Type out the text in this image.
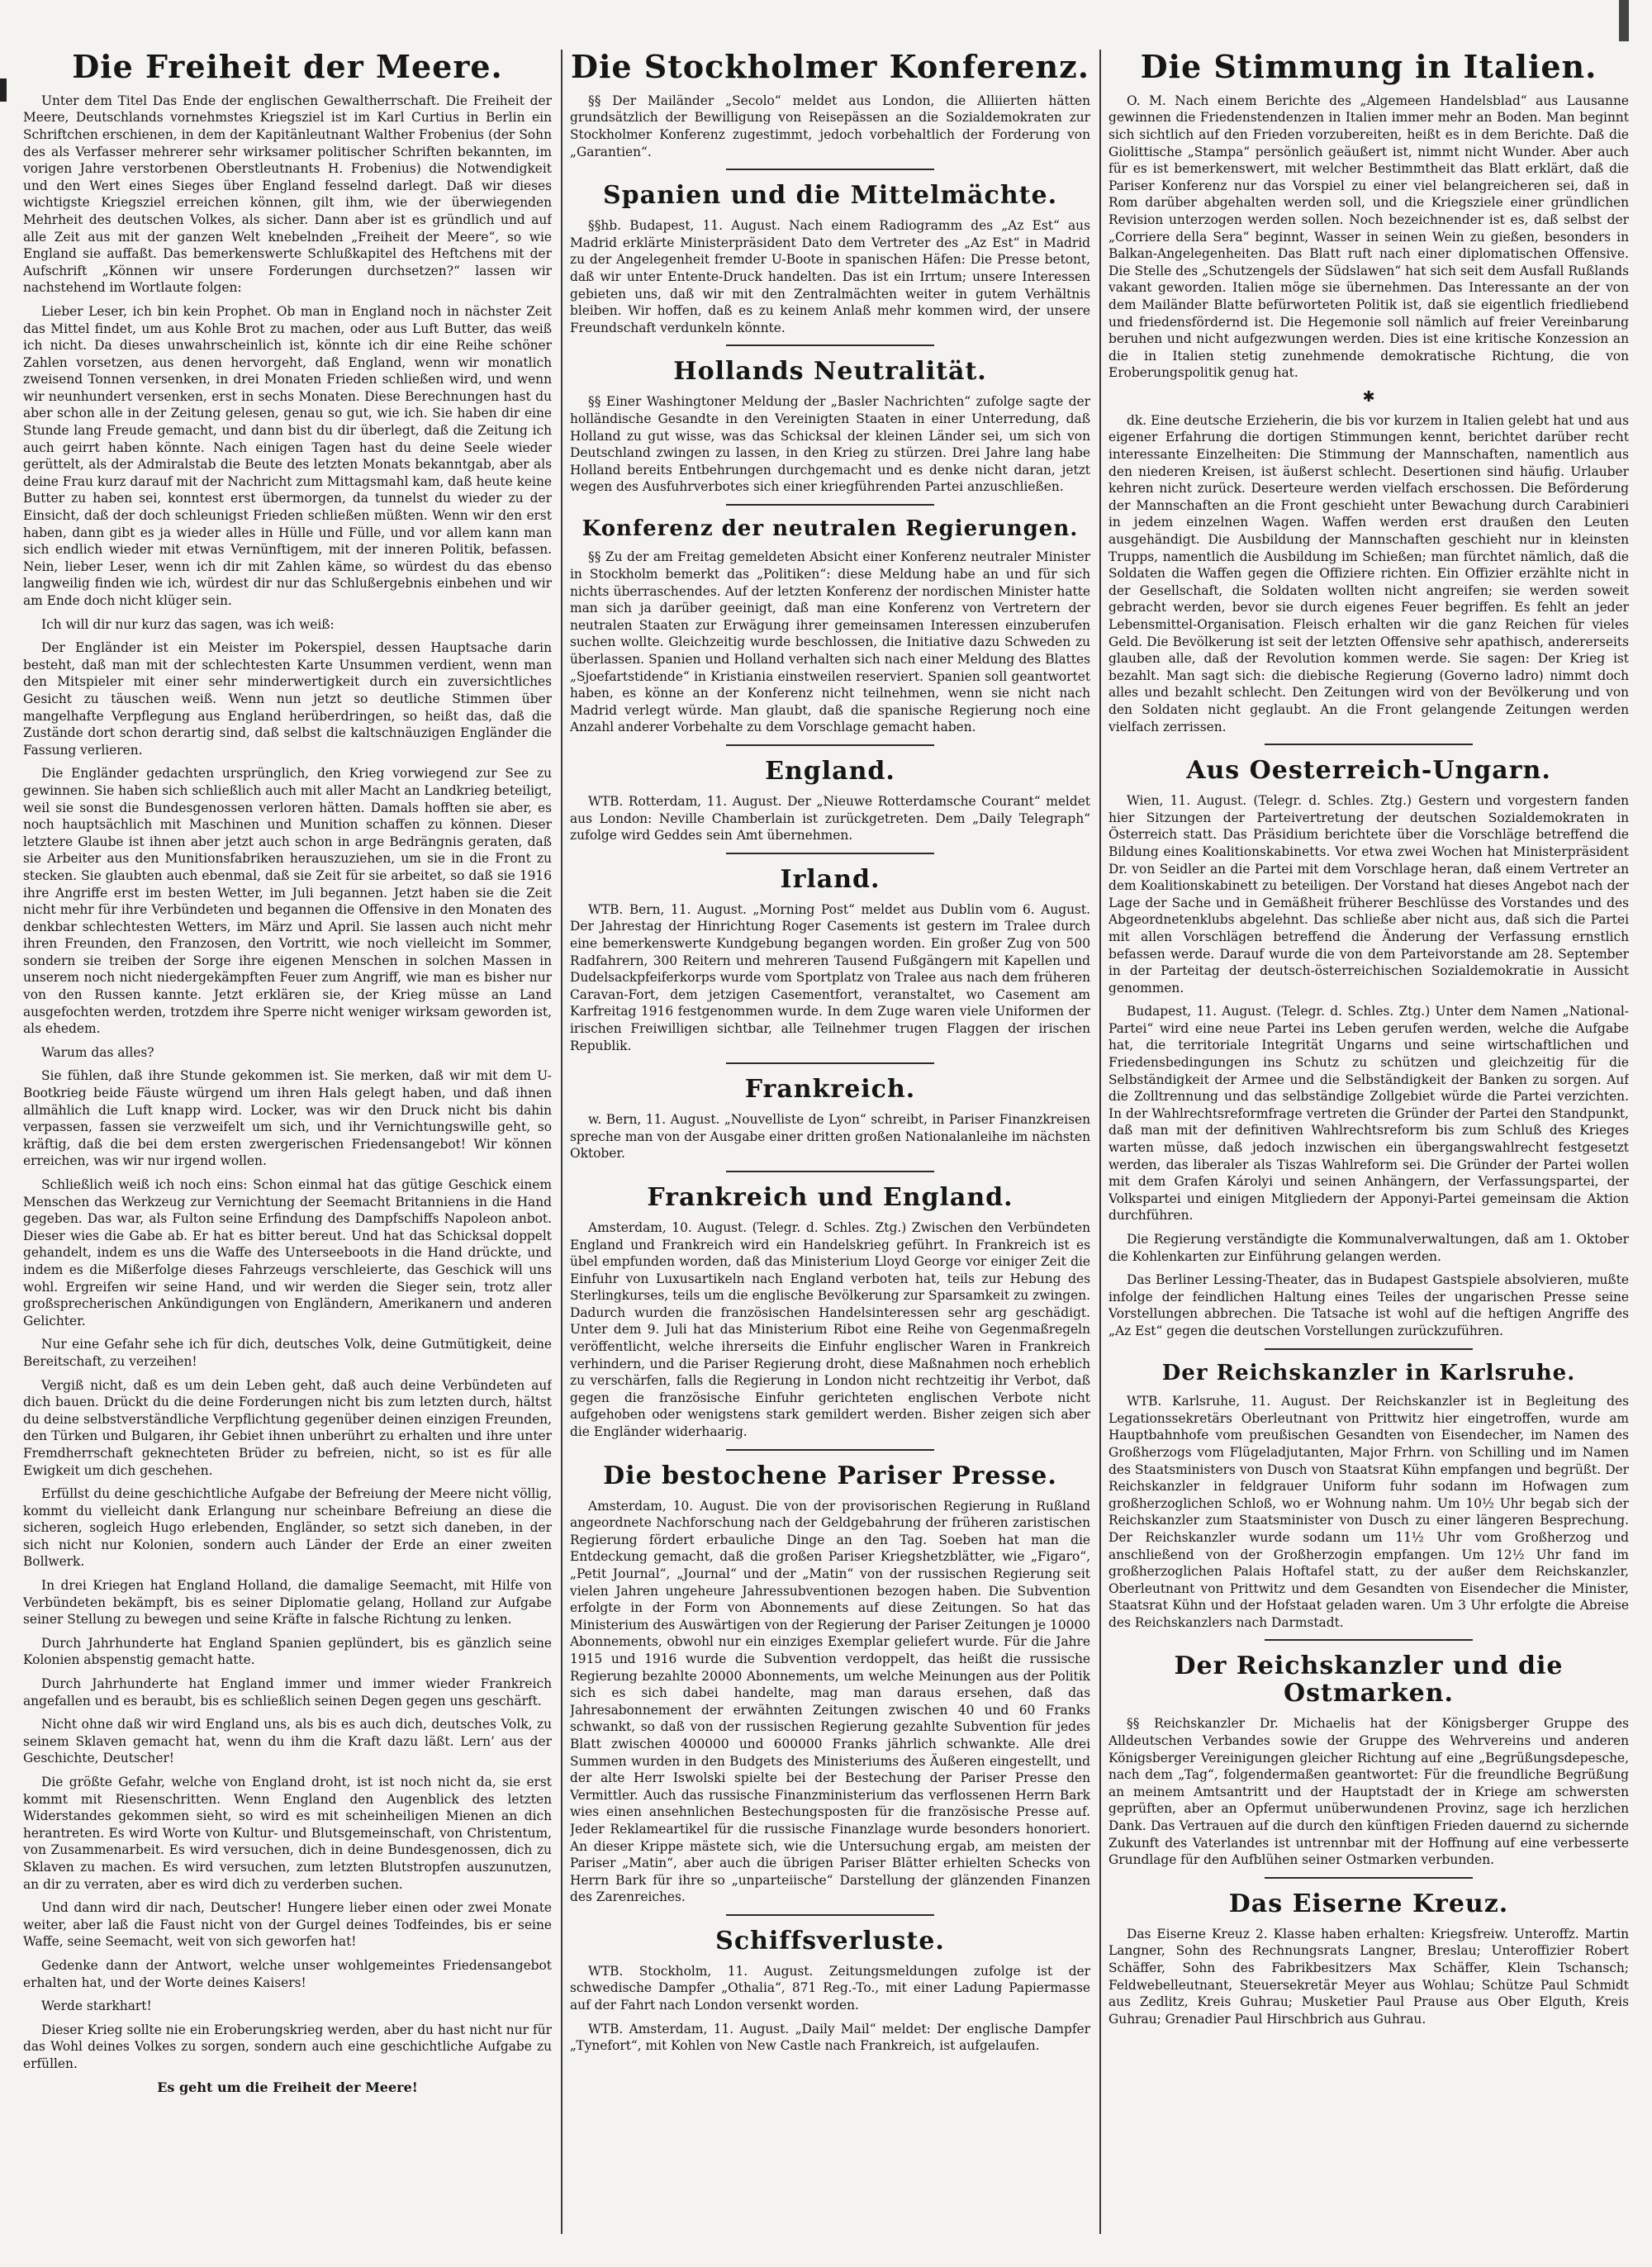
Die Freiheit der Meere.

Unter dem Titel Das Ende der englischen Gewaltherrschaft. Die Freiheit der Meere, Deutschlands vornehmstes Kriegsziel ist im Karl Curtius in Berlin ein Schriftchen erschienen, in dem der Kapitänleutnant Walther Frobenius (der Sohn des als Verfasser mehrerer sehr wirksamer politischer Schriften bekannten, im vorigen Jahre verstorbenen Oberstleutnants H. Frobenius) die Notwendigkeit und den Wert eines Sieges über England fesselnd darlegt. Daß wir dieses wichtigste Kriegsziel erreichen können, gilt ihm, wie der überwiegenden Mehrheit des deutschen Volkes, als sicher. Dann aber ist es gründlich und auf alle Zeit aus mit der ganzen Welt knebelnden „Freiheit der Meere“, so wie England sie auffaßt. Das bemerkenswerte Schlußkapitel des Heftchens mit der Aufschrift „Können wir unsere Forderungen durchsetzen?“ lassen wir nachstehend im Wortlaute folgen:

Lieber Leser, ich bin kein Prophet. Ob man in England noch in nächster Zeit das Mittel findet, um aus Kohle Brot zu machen, oder aus Luft Butter, das weiß ich nicht. Da dieses unwahrscheinlich ist, könnte ich dir eine Reihe schöner Zahlen vorsetzen, aus denen hervorgeht, daß England, wenn wir monatlich zweisend Tonnen versenken, in drei Monaten Frieden schließen wird, und wenn wir neunhundert versenken, erst in sechs Monaten. Diese Berechnungen hast du aber schon alle in der Zeitung gelesen, genau so gut, wie ich. Sie haben dir eine Stunde lang Freude gemacht, und dann bist du dir überlegt, daß die Zeitung ich auch geirrt haben könnte. Nach einigen Tagen hast du deine Seele wieder gerüttelt, als der Admiralstab die Beute des letzten Monats bekanntgab, aber als deine Frau kurz darauf mit der Nachricht zum Mittagsmahl kam, daß heute keine Butter zu haben sei, konntest erst übermorgen, da tunnelst du wieder zu der Einsicht, daß der doch schleunigst Frieden schließen müßten. Wenn wir den erst haben, dann gibt es ja wieder alles in Hülle und Fülle, und vor allem kann man sich endlich wieder mit etwas Vernünftigem, mit der inneren Politik, befassen. Nein, lieber Leser, wenn ich dir mit Zahlen käme, so würdest du das ebenso langweilig finden wie ich, würdest dir nur das Schlußergebnis einbehen und wir am Ende doch nicht klüger sein.

Ich will dir nur kurz das sagen, was ich weiß:

Der Engländer ist ein Meister im Pokerspiel, dessen Hauptsache darin besteht, daß man mit der schlechtesten Karte Unsummen verdient, wenn man den Mitspieler mit einer sehr minderwertigkeit durch ein zuversichtliches Gesicht zu täuschen weiß. Wenn nun jetzt so deutliche Stimmen über mangelhafte Verpflegung aus England herüberdringen, so heißt das, daß die Zustände dort schon derartig sind, daß selbst die kaltschnäuzigen Engländer die Fassung verlieren.

Die Engländer gedachten ursprünglich, den Krieg vorwiegend zur See zu gewinnen. Sie haben sich schließlich auch mit aller Macht an Landkrieg beteiligt, weil sie sonst die Bundesgenossen verloren hätten. Damals hofften sie aber, es noch hauptsächlich mit Maschinen und Munition schaffen zu können. Dieser letztere Glaube ist ihnen aber jetzt auch schon in arge Bedrängnis geraten, daß sie Arbeiter aus den Munitionsfabriken herauszuziehen, um sie in die Front zu stecken. Sie glaubten auch ebenmal, daß sie Zeit für sie arbeitet, so daß sie 1916 ihre Angriffe erst im besten Wetter, im Juli begannen. Jetzt haben sie die Zeit nicht mehr für ihre Verbündeten und begannen die Offensive in den Monaten des denkbar schlechtesten Wetters, im März und April. Sie lassen auch nicht mehr ihren Freunden, den Franzosen, den Vortritt, wie noch vielleicht im Sommer, sondern sie treiben der Sorge ihre eigenen Menschen in solchen Massen in unserem noch nicht niedergekämpften Feuer zum Angriff, wie man es bisher nur von den Russen kannte. Jetzt erklären sie, der Krieg müsse an Land ausgefochten werden, trotzdem ihre Sperre nicht weniger wirksam geworden ist, als ehedem.

Warum das alles?

Sie fühlen, daß ihre Stunde gekommen ist. Sie merken, daß wir mit dem U-Bootkrieg beide Fäuste würgend um ihren Hals gelegt haben, und daß ihnen allmählich die Luft knapp wird. Locker, was wir den Druck nicht bis dahin verpassen, fassen sie verzweifelt um sich, und ihr Vernichtungswille geht, so kräftig, daß die bei dem ersten zwergerischen Friedensangebot! Wir können erreichen, was wir nur irgend wollen.

Schließlich weiß ich noch eins: Schon einmal hat das gütige Geschick einem Menschen das Werkzeug zur Vernichtung der Seemacht Britanniens in die Hand gegeben. Das war, als Fulton seine Erfindung des Dampfschiffs Napoleon anbot. Dieser wies die Gabe ab. Er hat es bitter bereut. Und hat das Schicksal doppelt gehandelt, indem es uns die Waffe des Unterseeboots in die Hand drückte, und indem es die Mißerfolge dieses Fahrzeugs verschleierte, das Geschick will uns wohl. Ergreifen wir seine Hand, und wir werden die Sieger sein, trotz aller großsprecherischen Ankündigungen von Engländern, Amerikanern und anderen Gelichter.

Nur eine Gefahr sehe ich für dich, deutsches Volk, deine Gutmütigkeit, deine Bereitschaft, zu verzeihen!

Vergiß nicht, daß es um dein Leben geht, daß auch deine Verbündeten auf dich bauen. Drückt du die deine Forderungen nicht bis zum letzten durch, hältst du deine selbstverständliche Verpflichtung gegenüber deinen einzigen Freunden, den Türken und Bulgaren, ihr Gebiet ihnen unberührt zu erhalten und ihre unter Fremdherrschaft geknechteten Brüder zu befreien, nicht, so ist es für alle Ewigkeit um dich geschehen.

Erfüllst du deine geschichtliche Aufgabe der Befreiung der Meere nicht völlig, kommt du vielleicht dank Erlangung nur scheinbare Befreiung an diese die sicheren, sogleich Hugo erlebenden, Engländer, so setzt sich daneben, in der sich nicht nur Kolonien, sondern auch Länder der Erde an einer zweiten Bollwerk.

In drei Kriegen hat England Holland, die damalige Seemacht, mit Hilfe von Verbündeten bekämpft, bis es seiner Diplomatie gelang, Holland zur Aufgabe seiner Stellung zu bewegen und seine Kräfte in falsche Richtung zu lenken.

Durch Jahrhunderte hat England Spanien geplündert, bis es gänzlich seine Kolonien abspenstig gemacht hatte.

Durch Jahrhunderte hat England immer und immer wieder Frankreich angefallen und es beraubt, bis es schließlich seinen Degen gegen uns geschärft.

Nicht ohne daß wir wird England uns, als bis es auch dich, deutsches Volk, zu seinem Sklaven gemacht hat, wenn du ihm die Kraft dazu läßt. Lern’ aus der Geschichte, Deutscher!

Die größte Gefahr, welche von England droht, ist ist noch nicht da, sie erst kommt mit Riesenschritten. Wenn England den Augenblick des letzten Widerstandes gekommen sieht, so wird es mit scheinheiligen Mienen an dich herantreten. Es wird Worte von Kultur- und Blutsgemeinschaft, von Christentum, von Zusammenarbeit. Es wird versuchen, dich in deine Bundesgenossen, dich zu Sklaven zu machen. Es wird versuchen, zum letzten Blutstropfen auszunutzen, an dir zu verraten, aber es wird dich zu verderben suchen.

Und dann wird dir nach, Deutscher! Hungere lieber einen oder zwei Monate weiter, aber laß die Faust nicht von der Gurgel deines Todfeindes, bis er seine Waffe, seine Seemacht, weit von sich geworfen hat!

Gedenke dann der Antwort, welche unser wohlgemeintes Friedensangebot erhalten hat, und der Worte deines Kaisers!

Werde starkhart!

Dieser Krieg sollte nie ein Eroberungskrieg werden, aber du hast nicht nur für das Wohl deines Volkes zu sorgen, sondern auch eine geschichtliche Aufgabe zu erfüllen.

Es geht um die Freiheit der Meere!
Die Stockholmer Konferenz.

§§ Der Mailänder „Secolo“ meldet aus London, die Alliierten hätten grundsätzlich der Bewilligung von Reisepässen an die Sozialdemokraten zur Stockholmer Konferenz zugestimmt, jedoch vorbehaltlich der Forderung von „Garantien“.

Spanien und die Mittelmächte.

§§hb. Budapest, 11. August. Nach einem Radiogramm des „Az Est“ aus Madrid erklärte Ministerpräsident Dato dem Vertreter des „Az Est“ in Madrid zu der Angelegenheit fremder U-Boote in spanischen Häfen: Die Presse betont, daß wir unter Entente-Druck handelten. Das ist ein Irrtum; unsere Interessen gebieten uns, daß wir mit den Zentralmächten weiter in gutem Verhältnis bleiben. Wir hoffen, daß es zu keinem Anlaß mehr kommen wird, der unsere Freundschaft verdunkeln könnte.

Hollands Neutralität.

§§ Einer Washingtoner Meldung der „Basler Nachrichten“ zufolge sagte der holländische Gesandte in den Vereinigten Staaten in einer Unterredung, daß Holland zu gut wisse, was das Schicksal der kleinen Länder sei, um sich von Deutschland zwingen zu lassen, in den Krieg zu stürzen. Drei Jahre lang habe Holland bereits Entbehrungen durchgemacht und es denke nicht daran, jetzt wegen des Ausfuhrverbotes sich einer kriegführenden Partei anzuschließen.

Konferenz der neutralen Regierungen.

§§ Zu der am Freitag gemeldeten Absicht einer Konferenz neutraler Minister in Stockholm bemerkt das „Politiken“: diese Meldung habe an und für sich nichts überraschendes. Auf der letzten Konferenz der nordischen Minister hatte man sich ja darüber geeinigt, daß man eine Konferenz von Vertretern der neutralen Staaten zur Erwägung ihrer gemeinsamen Interessen einzuberufen suchen wollte. Gleichzeitig wurde beschlossen, die Initiative dazu Schweden zu überlassen. Spanien und Holland verhalten sich nach einer Meldung des Blattes „Sjoefartstidende“ in Kristiania einstweilen reserviert. Spanien soll geantwortet haben, es könne an der Konferenz nicht teilnehmen, wenn sie nicht nach Madrid verlegt würde. Man glaubt, daß die spanische Regierung noch eine Anzahl anderer Vorbehalte zu dem Vorschlage gemacht haben.

England.

WTB. Rotterdam, 11. August. Der „Nieuwe Rotterdamsche Courant“ meldet aus London: Neville Chamberlain ist zurückgetreten. Dem „Daily Telegraph“ zufolge wird Geddes sein Amt übernehmen.

Irland.

WTB. Bern, 11. August. „Morning Post“ meldet aus Dublin vom 6. August. Der Jahrestag der Hinrichtung Roger Casements ist gestern im Tralee durch eine bemerkenswerte Kundgebung begangen worden. Ein großer Zug von 500 Radfahrern, 300 Reitern und mehreren Tausend Fußgängern mit Kapellen und Dudelsackpfeiferkorps wurde vom Sportplatz von Tralee aus nach dem früheren Caravan-Fort, dem jetzigen Casementfort, veranstaltet, wo Casement am Karfreitag 1916 festgenommen wurde. In dem Zuge waren viele Uniformen der irischen Freiwilligen sichtbar, alle Teilnehmer trugen Flaggen der irischen Republik.

Frankreich.

w. Bern, 11. August. „Nouvelliste de Lyon“ schreibt, in Pariser Finanzkreisen spreche man von der Ausgabe einer dritten großen Nationalanleihe im nächsten Oktober.

Frankreich und England.

Amsterdam, 10. August. (Telegr. d. Schles. Ztg.) Zwischen den Verbündeten England und Frankreich wird ein Handelskrieg geführt. In Frankreich ist es übel empfunden worden, daß das Ministerium Lloyd George vor einiger Zeit die Einfuhr von Luxusartikeln nach England verboten hat, teils zur Hebung des Sterlingkurses, teils um die englische Bevölkerung zur Sparsamkeit zu zwingen. Dadurch wurden die französischen Handelsinteressen sehr arg geschädigt. Unter dem 9. Juli hat das Ministerium Ribot eine Reihe von Gegenmaßregeln veröffentlicht, welche ihrerseits die Einfuhr englischer Waren in Frankreich verhindern, und die Pariser Regierung droht, diese Maßnahmen noch erheblich zu verschärfen, falls die Regierung in London nicht rechtzeitig ihr Verbot, daß gegen die französische Einfuhr gerichteten englischen Verbote nicht aufgehoben oder wenigstens stark gemildert werden. Bisher zeigen sich aber die Engländer widerhaarig.

Die bestochene Pariser Presse.

Amsterdam, 10. August. Die von der provisorischen Regierung in Rußland angeordnete Nachforschung nach der Geldgebahrung der früheren zaristischen Regierung fördert erbauliche Dinge an den Tag. Soeben hat man die Entdeckung gemacht, daß die großen Pariser Kriegshetzblätter, wie „Figaro“, „Petit Journal“, „Journal“ und der „Matin“ von der russischen Regierung seit vielen Jahren ungeheure Jahressubventionen bezogen haben. Die Subvention erfolgte in der Form von Abonnements auf diese Zeitungen. So hat das Ministerium des Auswärtigen von der Regierung der Pariser Zeitungen je 10000 Abonnements, obwohl nur ein einziges Exemplar geliefert wurde. Für die Jahre 1915 und 1916 wurde die Subvention verdoppelt, das heißt die russische Regierung bezahlte 20000 Abonnements, um welche Meinungen aus der Politik sich es sich dabei handelte, mag man daraus ersehen, daß das Jahresabonnement der erwähnten Zeitungen zwischen 40 und 60 Franks schwankt, so daß von der russischen Regierung gezahlte Subvention für jedes Blatt zwischen 400000 und 600000 Franks jährlich schwankte. Alle drei Summen wurden in den Budgets des Ministeriums des Äußeren eingestellt, und der alte Herr Iswolski spielte bei der Bestechung der Pariser Presse den Vermittler. Auch das russische Finanzministerium das verflossenen Herrn Bark wies einen ansehnlichen Bestechungsposten für die französische Presse auf. Jeder Reklameartikel für die russische Finanzlage wurde besonders honoriert. An dieser Krippe mästete sich, wie die Untersuchung ergab, am meisten der Pariser „Matin“, aber auch die übrigen Pariser Blätter erhielten Schecks von Herrn Bark für ihre so „unparteiische“ Darstellung der glänzenden Finanzen des Zarenreiches.

Schiffsverluste.

WTB. Stockholm, 11. August. Zeitungsmeldungen zufolge ist der schwedische Dampfer „Othalia“, 871 Reg.-To., mit einer Ladung Papiermasse auf der Fahrt nach London versenkt worden.

WTB. Amsterdam, 11. August. „Daily Mail“ meldet: Der englische Dampfer „Tynefort“, mit Kohlen von New Castle nach Frankreich, ist aufgelaufen.

Die Stimmung in Italien.

O. M. Nach einem Berichte des „Algemeen Handelsblad“ aus Lausanne gewinnen die Friedenstendenzen in Italien immer mehr an Boden. Man beginnt sich sichtlich auf den Frieden vorzubereiten, heißt es in dem Berichte. Daß die Giolittische „Stampa“ persönlich geäußert ist, nimmt nicht Wunder. Aber auch für es ist bemerkenswert, mit welcher Bestimmtheit das Blatt erklärt, daß die Pariser Konferenz nur das Vorspiel zu einer viel belangreicheren sei, daß in Rom darüber abgehalten werden soll, und die Kriegsziele einer gründlichen Revision unterzogen werden sollen. Noch bezeichnender ist es, daß selbst der „Corriere della Sera“ beginnt, Wasser in seinen Wein zu gießen, besonders in Balkan-Angelegenheiten. Das Blatt ruft nach einer diplomatischen Offensive. Die Stelle des „Schutzengels der Südslawen“ hat sich seit dem Ausfall Rußlands vakant geworden. Italien möge sie übernehmen. Das Interessante an der von dem Mailänder Blatte befürworteten Politik ist, daß sie eigentlich friedliebend und friedensfördernd ist. Die Hegemonie soll nämlich auf freier Vereinbarung beruhen und nicht aufgezwungen werden. Dies ist eine kritische Konzession an die in Italien stetig zunehmende demokratische Richtung, die von Eroberungspolitik genug hat.

✱

dk. Eine deutsche Erzieherin, die bis vor kurzem in Italien gelebt hat und aus eigener Erfahrung die dortigen Stimmungen kennt, berichtet darüber recht interessante Einzelheiten: Die Stimmung der Mannschaften, namentlich aus den niederen Kreisen, ist äußerst schlecht. Desertionen sind häufig. Urlauber kehren nicht zurück. Deserteure werden vielfach erschossen. Die Beförderung der Mannschaften an die Front geschieht unter Bewachung durch Carabinieri in jedem einzelnen Wagen. Waffen werden erst draußen den Leuten ausgehändigt. Die Ausbildung der Mannschaften geschieht nur in kleinsten Trupps, namentlich die Ausbildung im Schießen; man fürchtet nämlich, daß die Soldaten die Waffen gegen die Offiziere richten. Ein Offizier erzählte nicht in der Gesellschaft, die Soldaten wollten nicht angreifen; sie werden soweit gebracht werden, bevor sie durch eigenes Feuer begriffen. Es fehlt an jeder Lebensmittel-Organisation. Fleisch erhalten wir die ganz Reichen für vieles Geld. Die Bevölkerung ist seit der letzten Offensive sehr apathisch, andererseits glauben alle, daß der Revolution kommen werde. Sie sagen: Der Krieg ist bezahlt. Man sagt sich: die diebische Regierung (Governo ladro) nimmt doch alles und bezahlt schlecht. Den Zeitungen wird von der Bevölkerung und von den Soldaten nicht geglaubt. An die Front gelangende Zeitungen werden vielfach zerrissen.

Aus Oesterreich-Ungarn.

Wien, 11. August. (Telegr. d. Schles. Ztg.) Gestern und vorgestern fanden hier Sitzungen der Parteivertretung der deutschen Sozialdemokraten in Österreich statt. Das Präsidium berichtete über die Vorschläge betreffend die Bildung eines Koalitionskabinetts. Vor etwa zwei Wochen hat Ministerpräsident Dr. von Seidler an die Partei mit dem Vorschlage heran, daß einem Vertreter an dem Koalitionskabinett zu beteiligen. Der Vorstand hat dieses Angebot nach der Lage der Sache und in Gemäßheit früherer Beschlüsse des Vorstandes und des Abgeordnetenklubs abgelehnt. Das schließe aber nicht aus, daß sich die Partei mit allen Vorschlägen betreffend die Änderung der Verfassung ernstlich befassen werde. Darauf wurde die von dem Parteivorstande am 28. September in der Parteitag der deutsch-österreichischen Sozialdemokratie in Aussicht genommen.

Budapest, 11. August. (Telegr. d. Schles. Ztg.) Unter dem Namen „National-Partei“ wird eine neue Partei ins Leben gerufen werden, welche die Aufgabe hat, die territoriale Integrität Ungarns und seine wirtschaftlichen und Friedensbedingungen ins Schutz zu schützen und gleichzeitig für die Selbständigkeit der Armee und die Selbständigkeit der Banken zu sorgen. Auf die Zolltrennung und das selbständige Zollgebiet würde die Partei verzichten. In der Wahlrechtsreformfrage vertreten die Gründer der Partei den Standpunkt, daß man mit der definitiven Wahlrechtsreform bis zum Schluß des Krieges warten müsse, daß jedoch inzwischen ein übergangswahlrecht festgesetzt werden, das liberaler als Tiszas Wahlreform sei. Die Gründer der Partei wollen mit dem Grafen Károlyi und seinen Anhängern, der Verfassungspartei, der Volkspartei und einigen Mitgliedern der Apponyi-Partei gemeinsam die Aktion durchführen.

Die Regierung verständigte die Kommunalverwaltungen, daß am 1. Oktober die Kohlenkarten zur Einführung gelangen werden.

Das Berliner Lessing-Theater, das in Budapest Gastspiele absolvieren, mußte infolge der feindlichen Haltung eines Teiles der ungarischen Presse seine Vorstellungen abbrechen. Die Tatsache ist wohl auf die heftigen Angriffe des „Az Est“ gegen die deutschen Vorstellungen zurückzuführen.

Der Reichskanzler in Karlsruhe.

WTB. Karlsruhe, 11. August. Der Reichskanzler ist in Begleitung des Legationssekretärs Oberleutnant von Prittwitz hier eingetroffen, wurde am Hauptbahnhofe vom preußischen Gesandten von Eisendecher, im Namen des Großherzogs vom Flügeladjutanten, Major Frhrn. von Schilling und im Namen des Staatsministers von Dusch von Staatsrat Kühn empfangen und begrüßt. Der Reichskanzler in feldgrauer Uniform fuhr sodann im Hofwagen zum großherzoglichen Schloß, wo er Wohnung nahm. Um 10½ Uhr begab sich der Reichskanzler zum Staatsminister von Dusch zu einer längeren Besprechung. Der Reichskanzler wurde sodann um 11½ Uhr vom Großherzog und anschließend von der Großherzogin empfangen. Um 12½ Uhr fand im großherzoglichen Palais Hoftafel statt, zu der außer dem Reichskanzler, Oberleutnant von Prittwitz und dem Gesandten von Eisendecher die Minister, Staatsrat Kühn und der Hofstaat geladen waren. Um 3 Uhr erfolgte die Abreise des Reichskanzlers nach Darmstadt.

Der Reichskanzler und die Ostmarken.

§§ Reichskanzler Dr. Michaelis hat der Königsberger Gruppe des Alldeutschen Verbandes sowie der Gruppe des Wehrvereins und anderen Königsberger Vereinigungen gleicher Richtung auf eine „Begrüßungsdepesche, nach dem „Tag“, folgendermaßen geantwortet: Für die freundliche Begrüßung an meinem Amtsantritt und der Hauptstadt der in Kriege am schwersten geprüften, aber an Opfermut unüberwundenen Provinz, sage ich herzlichen Dank. Das Vertrauen auf die durch den künftigen Frieden dauernd zu sichernde Zukunft des Vaterlandes ist untrennbar mit der Hoffnung auf eine verbesserte Grundlage für den Aufblühen seiner Ostmarken verbunden.

Das Eiserne Kreuz.

Das Eiserne Kreuz 2. Klasse haben erhalten: Kriegsfreiw. Unteroffz. Martin Langner, Sohn des Rechnungsrats Langner, Breslau; Unteroffizier Robert Schäffer, Sohn des Fabrikbesitzers Max Schäffer, Klein Tschansch; Feldwebelleutnant, Steuersekretär Meyer aus Wohlau; Schütze Paul Schmidt aus Zedlitz, Kreis Guhrau; Musketier Paul Prause aus Ober Elguth, Kreis Guhrau; Grenadier Paul Hirschbrich aus Guhrau.
